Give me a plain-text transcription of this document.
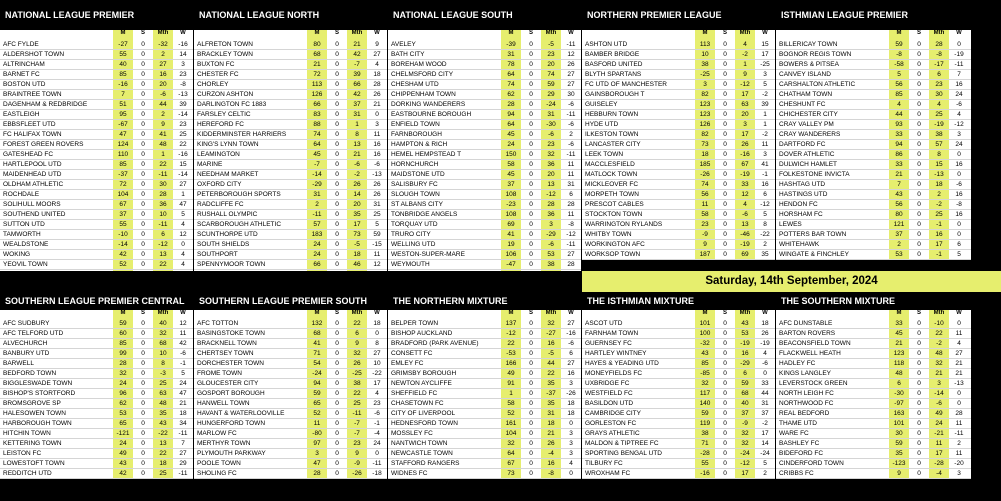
NATIONAL LEAGUE PREMIER
M	S	Mth	W
AFC FYLDE	-27	0	-32	-16
ALDERSHOT TOWN	55	0	2	14
ALTRINCHAM	40	0	27	3
BARNET FC	85	0	16	23
BOSTON UTD	-16	0	20	-8
BRAINTREE TOWN	7	0	-6	-13
DAGENHAM & REDBRIDGE	51	0	44	39
EASTLEIGH	95	0	2	-14
EBBSFLEET UTD	-67	0	9	23
FC HALIFAX TOWN	47	0	41	25
FOREST GREEN ROVERS	124	0	48	22
GATESHEAD FC	110	0	1	-16
HARTLEPOOL UTD	85	0	22	15
MAIDENHEAD UTD	-37	0	-11	-14
OLDHAM ATHLETIC	72	0	30	27
ROCHDALE	104	0	28	1
SOLIHULL MOORS	67	0	36	47
SOUTHEND UNITED	37	0	10	5
SUTTON UTD	55	0	-11	4
TAMWORTH	-10	0	6	12
WEALDSTONE	-14	0	-12	0
WOKING	42	0	13	4
YEOVIL TOWN	52	0	22	4
NATIONAL LEAGUE NORTH
M	S	Mth	W
ALFRETON TOWN	80	0	21	9
BRACKLEY TOWN	68	0	42	27
BUXTON FC	21	0	-7	4
CHESTER FC	72	0	39	18
CHORLEY	113	0	66	28
CURZON ASHTON	126	0	42	26
DARLINGTON FC 1883	66	0	37	21
FARSLEY CELTIC	83	0	31	0
HEREFORD FC	88	0	1	3
KIDDERMINSTER HARRIERS	74	0	8	11
KING'S LYNN TOWN	64	0	13	16
LEAMINGTON	45	0	21	16
MARINE	-7	0	-6	-6
NEEDHAM MARKET	-14	0	-2	-13
OXFORD CITY	-29	0	26	26
PETERBOROUGH SPORTS	31	0	14	26
RADCLIFFE FC	2	0	20	31
RUSHALL OLYMPIC	-11	0	35	25
SCARBOROUGH ATHLETIC	57	0	17	5
SCUNTHORPE UTD	183	0	73	59
SOUTH SHIELDS	24	0	-5	-15
SOUTHPORT	24	0	18	11
SPENNYMOOR TOWN	66	0	46	12
NATIONAL LEAGUE SOUTH
M	S	Mth	W
AVELEY	-39	0	-5	-11
BATH CITY	31	0	23	12
BOREHAM WOOD	78	0	20	26
CHELMSFORD CITY	64	0	74	27
CHESHAM UTD	74	0	59	27
CHIPPENHAM TOWN	62	0	29	30
DORKING WANDERERS	28	0	-24	-6
EASTBOURNE BOROUGH	94	0	31	-11
ENFIELD TOWN	64	0	-30	-6
FARNBOROUGH	45	0	-6	2
HAMPTON & RICH	24	0	23	-6
HEMEL HEMPSTEAD T	150	0	32	-11
HORNCHURCH	58	0	36	11
MAIDSTONE UTD	45	0	20	11
SALISBURY FC	37	0	13	31
SLOUGH TOWN	108	0	-12	6
ST ALBANS CITY	-23	0	28	28
TONBRIDGE ANGELS	108	0	36	11
TORQUAY UTD	69	0	3	-8
TRURO CITY	41	0	-29	-12
WELLING UTD	19	0	-6	-11
WESTON-SUPER-MARE	106	0	53	27
WEYMOUTH	-47	0	38	28
NORTHERN PREMIER LEAGUE
M	S	Mth	W
ASHTON UTD	113	0	4	15
BAMBER BRIDGE	10	0	-2	17
BASFORD UNITED	38	0	1	-25
BLYTH SPARTANS	-25	0	9	3
FC UTD OF MANCHESTER	3	0	-12	5
GAINSBOROUGH T	82	0	17	-2
GUISELEY	123	0	63	39
HEBBURN TOWN	123	0	20	1
HYDE UTD	126	0	3	1
ILKESTON TOWN	82	0	17	-2
LANCASTER CITY	73	0	26	11
LEEK TOWN	18	0	-16	3
MACCLESFIELD	185	0	67	41
MATLOCK TOWN	-26	0	-19	-1
MICKLEOVER FC	74	0	33	16
MORPETH TOWN	56	0	12	6
PRESCOT CABLES	11	0	4	-12
STOCKTON TOWN	58	0	-6	5
WARRINGTON RYLANDS	23	0	13	8
WHITBY TOWN	-9	0	-46	-22
WORKINGTON AFC	9	0	-19	2
WORKSOP TOWN	187	0	69	35
ISTHMIAN LEAGUE PREMIER
M	S	Mth	W
BILLERICAY TOWN	59	0	28	0
BOGNOR REGIS TOWN	-8	0	-8	-19
BOWERS & PITSEA	-58	0	-17	-11
CANVEY ISLAND	5	0	6	7
CARSHALTON ATHLETIC	56	0	23	16
CHATHAM TOWN	85	0	30	24
CHESHUNT FC	4	0	4	-6
CHICHESTER CITY	44	0	25	4
CRAY VALLEY PM	93	0	-19	-12
CRAY WANDERERS	33	0	38	3
DARTFORD FC	94	0	57	24
DOVER ATHLETIC	86	0	8	0
DULWICH HAMLET	33	0	15	16
FOLKESTONE INVICTA	21	0	-13	0
HASHTAG UTD	7	0	18	-6
HASTINGS UTD	43	0	2	16
HENDON FC	56	0	-2	-8
HORSHAM FC	80	0	25	16
LEWES	121	0	-1	0
POTTERS BAR TOWN	37	0	16	0
WHITEHAWK	2	0	17	6
WINGATE & FINCHLEY	53	0	-1	5
Saturday, 14th September, 2024
SOUTHERN LEAGUE PREMIER CENTRAL
M	S	Mth	W
AFC SUDBURY	59	0	40	12
AFC TELFORD UTD	60	0	32	11
ALVECHURCH	85	0	68	42
BANBURY UTD	99	0	10	-6
BARWELL	28	0	8	-1
BEDFORD TOWN	32	0	-3	5
BIGGLESWADE TOWN	24	0	25	24
BISHOP'S STORTFORD	96	0	63	47
BROMSGROVE SP	62	0	48	21
HALESOWEN TOWN	53	0	35	18
HARBOROUGH TOWN	65	0	43	34
HITCHIN TOWN	-121	0	-22	-11
KETTERING TOWN	24	0	13	7
LEISTON FC	49	0	22	27
LOWESTOFT TOWN	43	0	18	29
REDDITCH UTD	42	0	25	-11
SOUTHERN LEAGUE PREMIER SOUTH
M	S	Mth	W
AFC TOTTON	132	0	22	18
BASINGSTOKE TOWN	68	0	6	0
BRACKNELL TOWN	41	0	9	8
CHERTSEY TOWN	71	0	32	27
DORCHESTER TOWN	54	0	26	10
FROME TOWN	-24	0	-25	-22
GLOUCESTER CITY	94	0	38	17
GOSPORT BOROUGH	59	0	22	4
HANWELL TOWN	65	0	25	23
HAVANT & WATERLOOVILLE	52	0	-11	-6
HUNGERFORD TOWN	11	0	-7	-1
MARLOW FC	-80	0	-7	-4
MERTHYR TOWN	97	0	23	24
PLYMOUTH PARKWAY	3	0	9	0
POOLE TOWN	47	0	-9	-11
SHOLING FC	28	0	-26	-18
THE NORTHERN MIXTURE
M	S	Mth	W
BELPER TOWN	137	0	32	27
BISHOP AUCKLAND	-12	0	-27	-16
BRADFORD (PARK AVENUE)	22	0	16	-6
CONSETT FC	-53	0	-5	6
EMLEY FC	166	0	44	27
GRIMSBY BOROUGH	49	0	22	16
NEWTON AYCLIFFE	91	0	35	3
SHEFFIELD FC	1	0	-37	-26
CHASETOWN FC	58	0	35	18
CITY OF LIVERPOOL	52	0	31	18
HEDNESFORD TOWN	161	0	18	0
MOSSLEY FC	104	0	21	3
NANTWICH TOWN	32	0	26	3
NEWCASTLE TOWN	64	0	-4	3
STAFFORD RANGERS	67	0	16	4
WIDNES FC	73	0	-8	0
THE ISTHMIAN MIXTURE
M	S	Mth	W
ASCOT UTD	101	0	43	18
FARNHAM TOWN	100	0	53	26
GUERNSEY FC	-32	0	-19	-19
HARTLEY WINTNEY	43	0	16	4
HAYES & YEADING UTD	85	0	-29	-6
MONEYFIELDS FC	-85	0	6	0
UXBRIDGE FC	32	0	59	33
WESTFIELD FC	117	0	68	44
BASILDON UTD	140	0	40	31
CAMBRIDGE CITY	59	0	37	37
GORLESTON FC	119	0	-9	-2
GRAYS ATHLETIC	38	0	32	17
MALDON & TIPTREE FC	71	0	32	14
SPORTING BENGAL UTD	-28	0	-24	-24
TILBURY FC	55	0	-12	5
WROXHAM FC	-16	0	17	2
THE SOUTHERN MIXTURE
M	S	Mth	W
AFC DUNSTABLE	33	0	-10	0
BARTON ROVERS	45	0	22	11
BEACONSFIELD TOWN	21	0	-2	4
FLACKWELL HEATH	123	0	48	27
HADLEY FC	118	0	32	21
KINGS LANGLEY	48	0	21	21
LEVERSTOCK GREEN	6	0	3	-13
NORTH LEIGH FC	-30	0	-14	0
NORTHWOOD FC	-97	0	-6	0
REAL BEDFORD	163	0	49	28
THAME UTD	101	0	24	11
WARE FC	30	0	-21	-11
BASHLEY FC	59	0	11	2
BIDEFORD FC	35	0	17	11
CINDERFORD TOWN	-123	0	-28	-20
CRIBBS FC	9	0	-4	3
